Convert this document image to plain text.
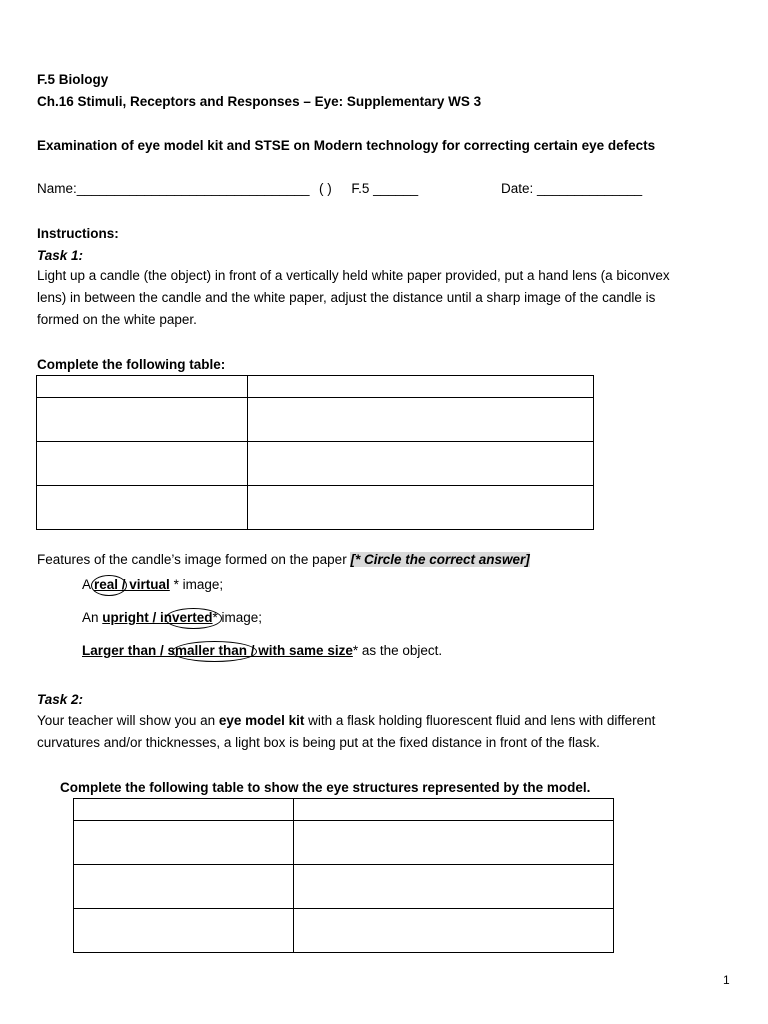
F.5 Biology
Ch.16 Stimuli, Receptors and Responses – Eye: Supplementary WS 3
Examination of eye model kit and STSE on Modern technology for correcting certain eye defects
Name:_______________________________ ( ) F.5 ______	Date: ______________
Instructions:
Task 1:
Light up a candle (the object) in front of a vertically held white paper provided, put a hand lens (a biconvex
lens) in between the candle and the white paper, adjust the distance until a sharp image of the candle is
formed on the white paper.
Complete the following table:

Features of the candle’s image formed on the paper [* Circle the correct answer]
A real / virtual * image;
An upright / inverted* image;
Larger than / smaller than / with same size* as the object.
Task 2:
Your teacher will show you an eye model kit with a flask holding fluorescent fluid and lens with different
curvatures and/or thicknesses, a light box is being put at the fixed distance in front of the flask.
Complete the following table to show the eye structures represented by the model.

1
